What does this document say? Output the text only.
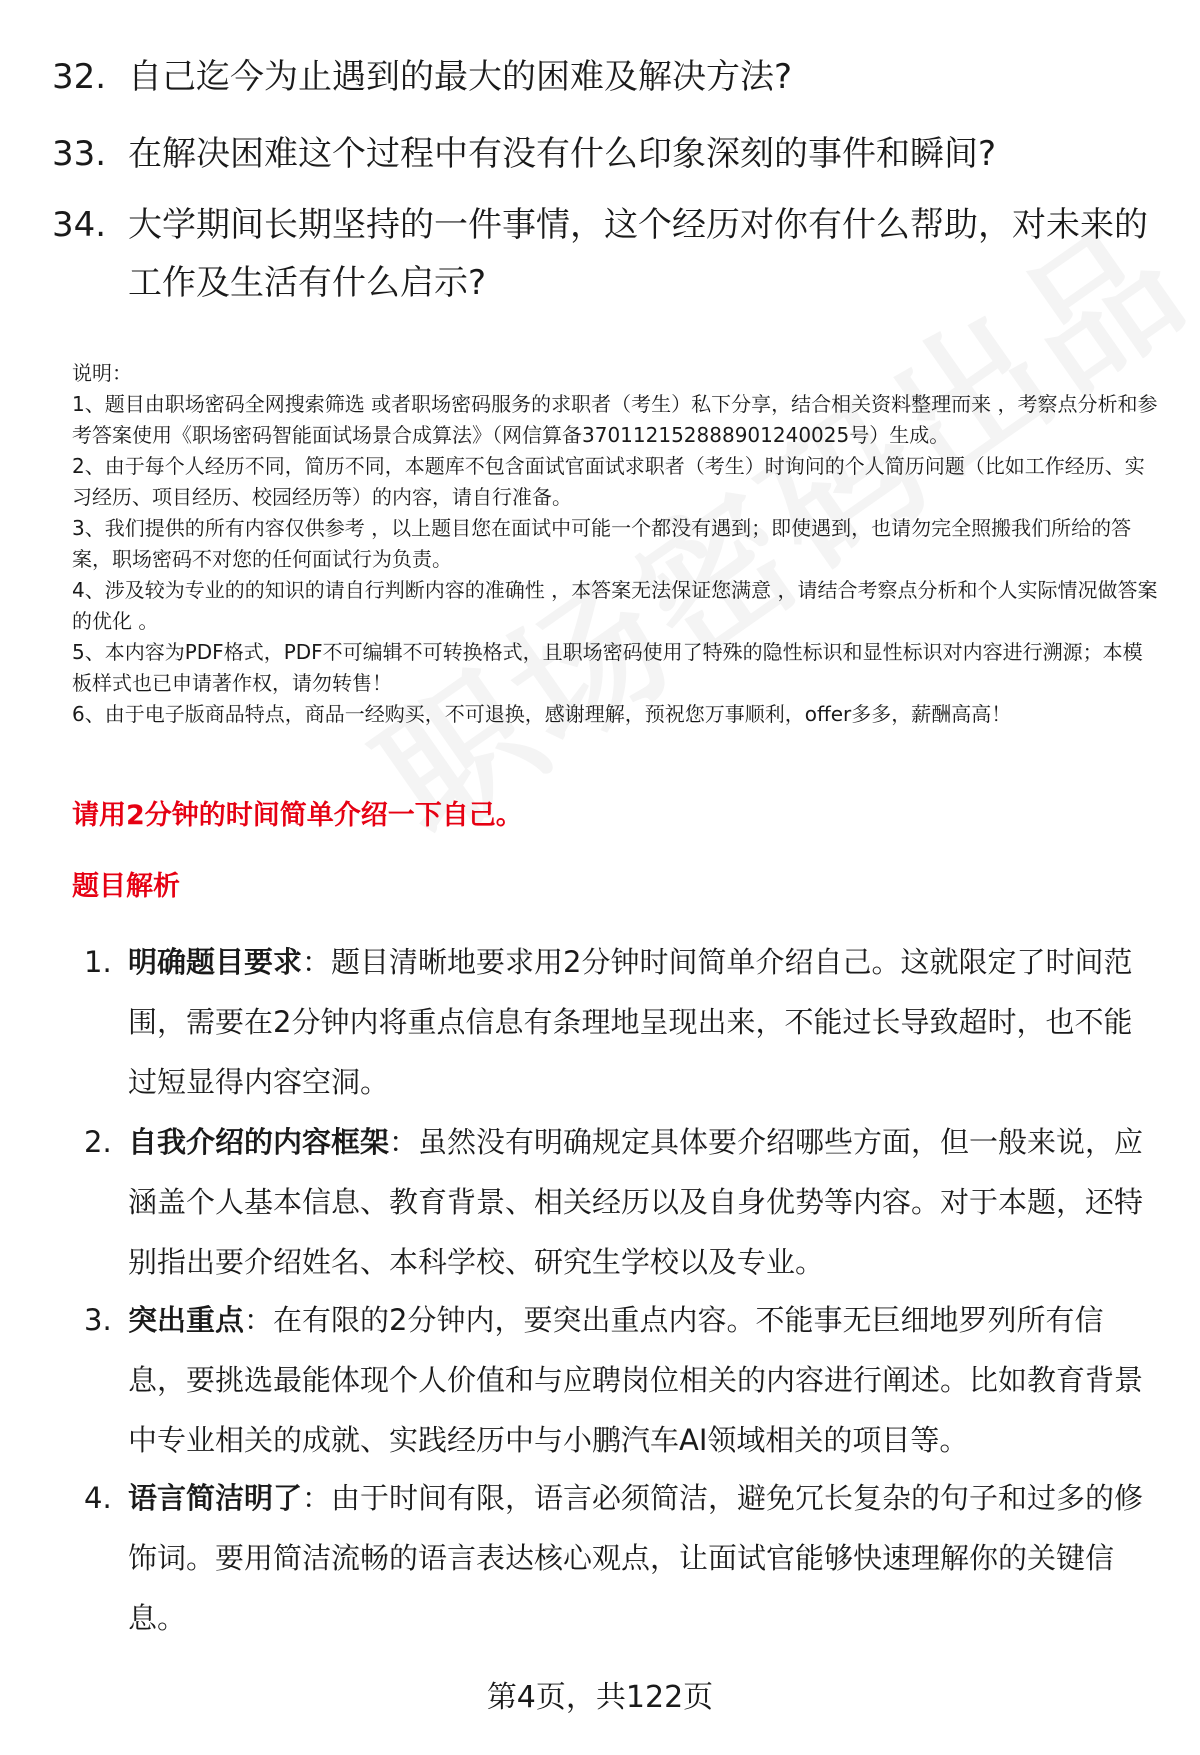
32. 自己迄今为止遇到的最大的困难及解决方法?
33. 在解决困难这个过程中有没有什么印象深刻的事件和瞬间?
34. 大学期间长期坚持的一件事情，这个经历对你有什么帮助，对未来的工作及生活有什么启示?
说明：
1、题目由职场密码全网搜索筛选 或者职场密码服务的求职者（考生）私下分享，结合相关资料整理而来 ，考察点分析和参考答案使用《职场密码智能面试场景合成算法》（网信算备370112152888901240025号）生成。
2、由于每个人经历不同，简历不同，本题库不包含面试官面试求职者（考生）时询问的个人简历问题（比如工作经历、实习经历、项目经历、校园经历等）的内容，请自行准备。
3、我们提供的所有内容仅供参考 ，以上题目您在面试中可能一个都没有遇到；即使遇到，也请勿完全照搬我们所给的答案，职场密码不对您的任何面试行为负责。
4、涉及较为专业的的知识的请自行判断内容的准确性 ，本答案无法保证您满意 ，请结合考察点分析和个人实际情况做答案的优化 。
5、本内容为PDF格式，PDF不可编辑不可转换格式，且职场密码使用了特殊的隐性标识和显性标识对内容进行溯源；本模板样式也已申请著作权，请勿转售！
6、由于电子版商品特点，商品一经购买，不可退换，感谢理解，预祝您万事顺利，offer多多，薪酬高高！
请用2分钟的时间简单介绍一下自己。
题目解析
1. 明确题目要求：题目清晰地要求用2分钟时间简单介绍自己。这就限定了时间范围，需要在2分钟内将重点信息有条理地呈现出来，不能过长导致超时，也不能过短显得内容空洞。
2. 自我介绍的内容框架：虽然没有明确规定具体要介绍哪些方面，但一般来说，应涵盖个人基本信息、教育背景、相关经历以及自身优势等内容。对于本题，还特别指出要介绍姓名、本科学校、研究生学校以及专业。
3. 突出重点：在有限的2分钟内，要突出重点内容。不能事无巨细地罗列所有信息，要挑选最能体现个人价值和与应聘岗位相关的内容进行阐述。比如教育背景中专业相关的成就、实践经历中与小鹏汽车AI领域相关的项目等。
4. 语言简洁明了：由于时间有限，语言必须简洁，避免冗长复杂的句子和过多的修饰词。要用简洁流畅的语言表达核心观点，让面试官能够快速理解你的关键信息。
第4页，共122页
